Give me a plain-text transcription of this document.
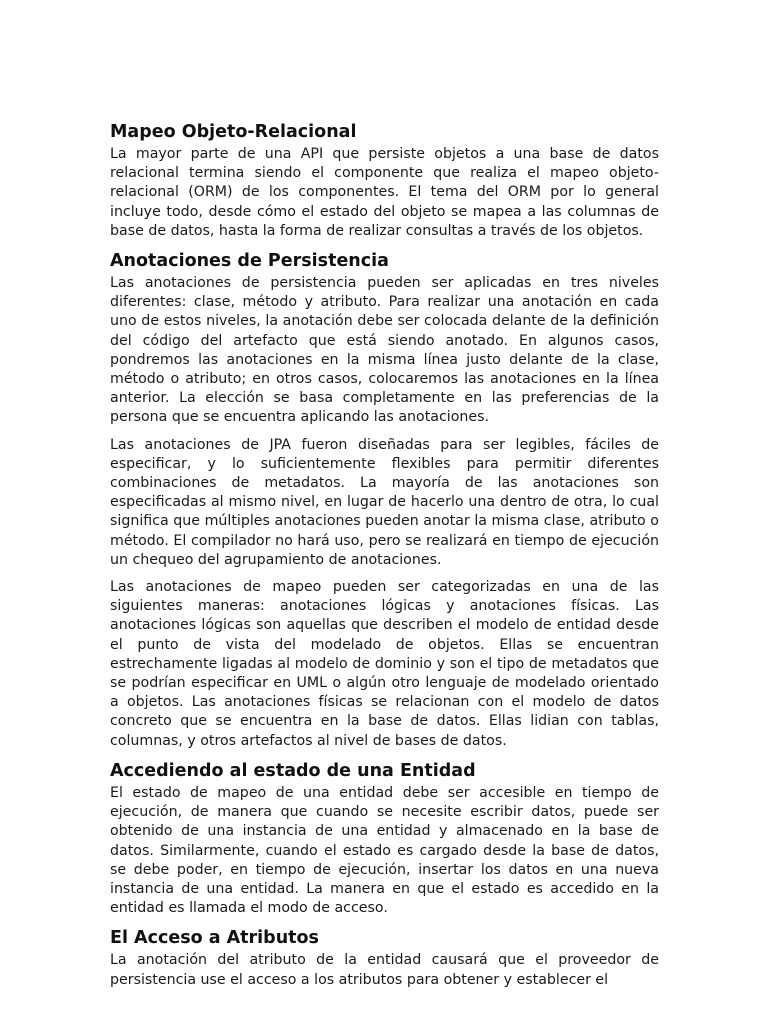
Mapeo Objeto-Relacional

La mayor parte de una API que persiste objetos a una base de datos relacional termina siendo el componente que realiza el mapeo objeto-relacional (ORM) de los componentes. El tema del ORM por lo general incluye todo, desde cómo el estado del objeto se mapea a las columnas de base de datos, hasta la forma de realizar consultas a través de los objetos.

Anotaciones de Persistencia

Las anotaciones de persistencia pueden ser aplicadas en tres niveles diferentes: clase, método y atributo. Para realizar una anotación en cada uno de estos niveles, la anotación debe ser colocada delante de la definición del código del artefacto que está siendo anotado. En algunos casos, pondremos las anotaciones en la misma línea justo delante de la clase, método o atributo; en otros casos, colocaremos las anotaciones en la línea anterior. La elección se basa completamente en las preferencias de la persona que se encuentra aplicando las anotaciones.

Las anotaciones de JPA fueron diseñadas para ser legibles, fáciles de especificar, y lo suficientemente flexibles para permitir diferentes combinaciones de metadatos. La mayoría de las anotaciones son especificadas al mismo nivel, en lugar de hacerlo una dentro de otra, lo cual significa que múltiples anotaciones pueden anotar la misma clase, atributo o método. El compilador no hará uso, pero se realizará en tiempo de ejecución un chequeo del agrupamiento de anotaciones.

Las anotaciones de mapeo pueden ser categorizadas en una de las siguientes maneras: anotaciones lógicas y anotaciones físicas. Las anotaciones lógicas son aquellas que describen el modelo de entidad desde el punto de vista del modelado de objetos. Ellas se encuentran estrechamente ligadas al modelo de dominio y son el tipo de metadatos que se podrían especificar en UML o algún otro lenguaje de modelado orientado a objetos. Las anotaciones físicas se relacionan con el modelo de datos concreto que se encuentra en la base de datos. Ellas lidian con tablas, columnas, y otros artefactos al nivel de bases de datos.

Accediendo al estado de una Entidad

El estado de mapeo de una entidad debe ser accesible en tiempo de ejecución, de manera que cuando se necesite escribir datos, puede ser obtenido de una instancia de una entidad y almacenado en la base de datos. Similarmente, cuando el estado es cargado desde la base de datos, se debe poder, en tiempo de ejecución, insertar los datos en una nueva instancia de una entidad. La manera en que el estado es accedido en la entidad es llamada el modo de acceso.

El Acceso a Atributos

La anotación del atributo de la entidad causará que el proveedor de persistencia use el acceso a los atributos para obtener y establecer el
